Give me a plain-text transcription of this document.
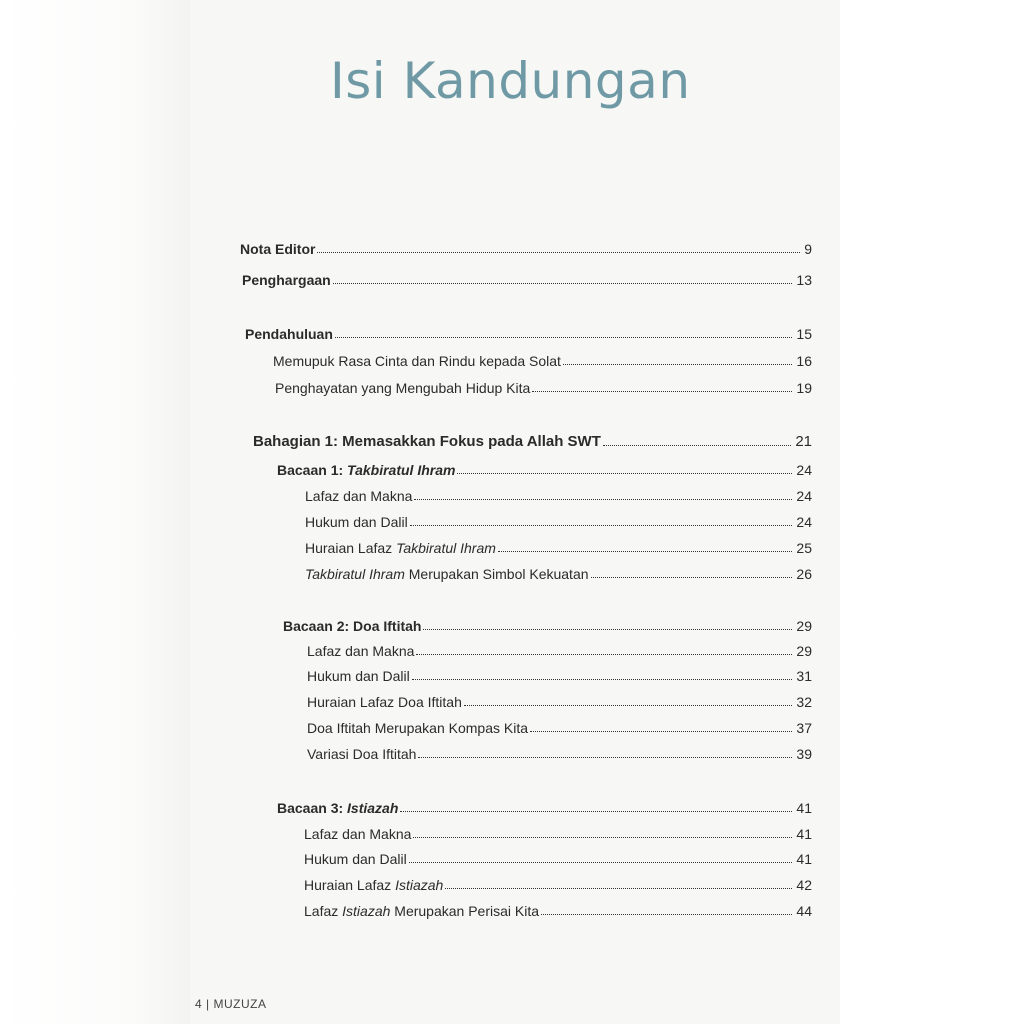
Isi Kandungan
Nota Editor	9
Penghargaan	13
Pendahuluan	15
Memupuk Rasa Cinta dan Rindu kepada Solat	16
Penghayatan yang Mengubah Hidup Kita	19
Bahagian 1: Memasakkan Fokus pada Allah SWT	21
Bacaan 1: Takbiratul Ihram	24
Lafaz dan Makna	24
Hukum dan Dalil	24
Huraian Lafaz Takbiratul Ihram	25
Takbiratul Ihram Merupakan Simbol Kekuatan	26
Bacaan 2: Doa Iftitah	29
Lafaz dan Makna	29
Hukum dan Dalil	31
Huraian Lafaz Doa Iftitah	32
Doa Iftitah Merupakan Kompas Kita	37
Variasi Doa Iftitah	39
Bacaan 3: Istiazah	41
Lafaz dan Makna	41
Hukum dan Dalil	41
Huraian Lafaz Istiazah	42
Lafaz Istiazah Merupakan Perisai Kita	44
4 | MUZUZA
